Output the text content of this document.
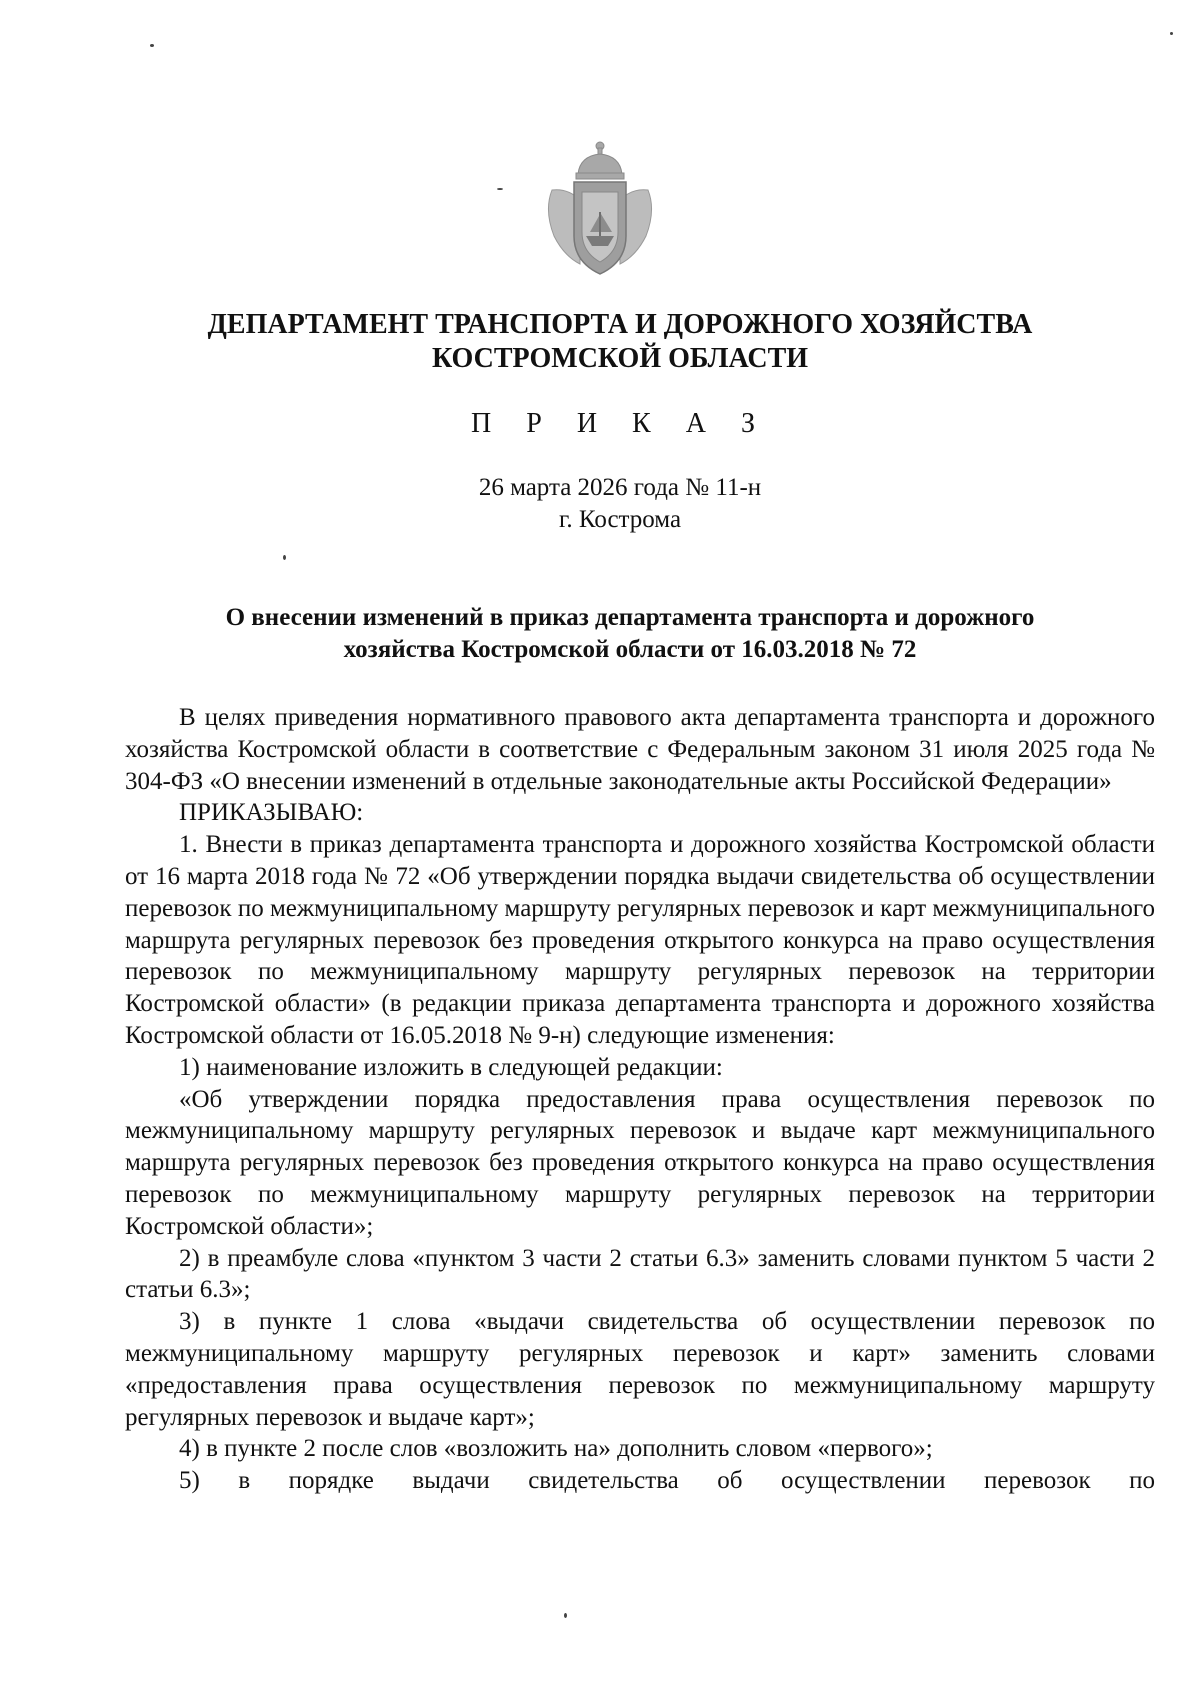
ДЕПАРТАМЕНТ ТРАНСПОРТА И ДОРОЖНОГО ХОЗЯЙСТВА
КОСТРОМСКОЙ ОБЛАСТИ
П Р И К А З
26 марта 2026 года № 11-н
г. Кострома
О внесении изменений в приказ департамента транспорта и дорожного
хозяйства Костромской области от 16.03.2018 № 72

В целях приведения нормативного правового акта департамента транспорта и дорожного хозяйства Костромской области в соответствие с Федеральным законом 31 июля 2025 года № 304-ФЗ «О внесении изменений в отдельные законодательные акты Российской Федерации»

ПРИКАЗЫВАЮ:

1. Внести в приказ департамента транспорта и дорожного хозяйства Костромской области от 16 марта 2018 года № 72 «Об утверждении порядка выдачи свидетельства об осуществлении перевозок по межмуниципальному маршруту регулярных перевозок и карт межмуниципального маршрута регулярных перевозок без проведения открытого конкурса на право осуществления перевозок по межмуниципальному маршруту регулярных перевозок на территории Костромской области» (в редакции приказа департамента транспорта и дорожного хозяйства Костромской области от 16.05.2018 № 9-н) следующие изменения:

1) наименование изложить в следующей редакции:

«Об утверждении порядка предоставления права осуществления перевозок по межмуниципальному маршруту регулярных перевозок и выдаче карт межмуниципального маршрута регулярных перевозок без проведения открытого конкурса на право осуществления перевозок по межмуниципальному маршруту регулярных перевозок на территории Костромской области»;

2) в преамбуле слова «пунктом 3 части 2 статьи 6.3» заменить словами пунктом 5 части 2 статьи 6.3»;

3) в пункте 1 слова «выдачи свидетельства об осуществлении перевозок по межмуниципальному маршруту регулярных перевозок и карт» заменить словами «предоставления права осуществления перевозок по межмуниципальному маршруту регулярных перевозок и выдаче карт»;

4) в пункте 2 после слов «возложить на» дополнить словом «первого»;

5) в порядке выдачи свидетельства об осуществлении перевозок по
